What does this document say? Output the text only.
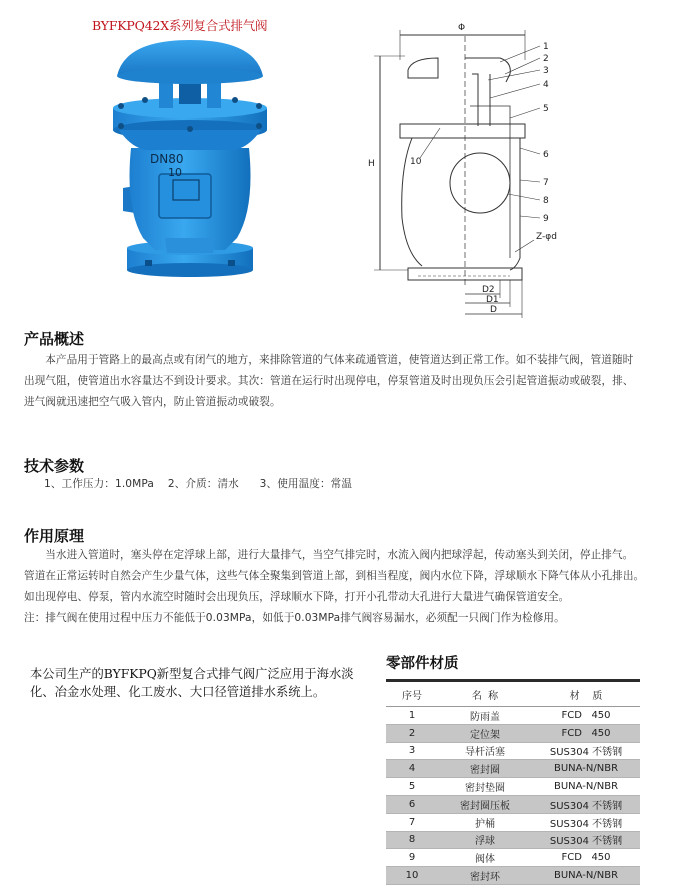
BYFKPQ42X系列复合式排气阀
DN80
10
Φ
H
Z-φd
D2
D1
D
1
2
3
4
5
6
7
8
9
10
产品概述

本产品用于管路上的最高点或有闭气的地方，来排除管道的气体来疏通管道，使管道达到正常工作。如不装排气阀，管道随时

出现气阻，使管道出水容量达不到设计要求。其次：管道在运行时出现停电，停泵管道及时出现负压会引起管道振动或破裂，排、

进气阀就迅速把空气吸入管内，防止管道振动或破裂。

技术参数
1、工作压力：1.0MPa    2、介质：清水      3、使用温度：常温
作用原理

当水进入管道时，塞头停在定浮球上部，进行大量排气，当空气排完时，水流入阀内把球浮起，传动塞头到关闭，停止排气。

管道在正常运转时自然会产生少量气体，这些气体全聚集到管道上部，到相当程度，阀内水位下降，浮球顺水下降气体从小孔排出。

如出现停电、停泵，管内水流空时随时会出现负压，浮球顺水下降，打开小孔带动大孔进行大量进气确保管道安全。

注：排气阀在使用过程中压力不能低于0.03MPa，如低于0.03MPa排气阀容易漏水，必须配一只阀门作为检修用。

本公司生产的BYFKPQ新型复合式排气阀广泛应用于海水淡化、冶金水处理、化工废水、大口径管道排水系统上。
零部件材质
序号	名  称	材    质
1	防雨盖	FCD   450
2	定位架	FCD   450
3	导杆活塞	SUS304 不锈钢
4	密封圈	BUNA-N/NBR
5	密封垫圈	BUNA-N/NBR
6	密封圈压板	SUS304 不锈钢
7	护桶	SUS304 不锈钢
8	浮球	SUS304 不锈钢
9	阀体	FCD   450
10	密封环	BUNA-N/NBR
